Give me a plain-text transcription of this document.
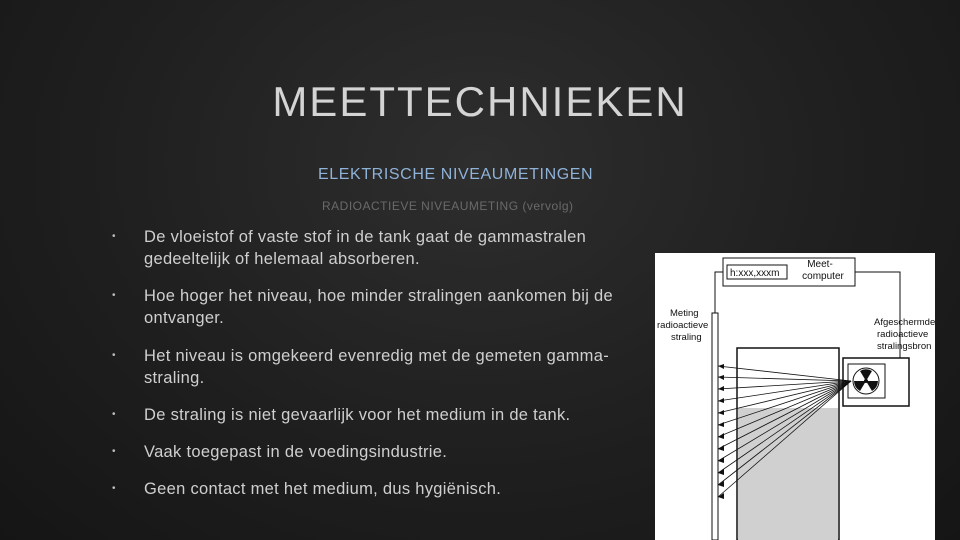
MEETTECHNIEKEN
ELEKTRISCHE NIVEAUMETINGEN
RADIOACTIEVE NIVEAUMETING (vervolg)
• De vloeistof of vaste stof in de tank gaat de gammastralen gedeeltelijk of helemaal absorberen.
• Hoe hoger het niveau, hoe minder stralingen aankomen bij de ontvanger.
• Het niveau is omgekeerd evenredig met de gemeten gamma-straling.
• De straling is niet gevaarlijk voor het medium in de tank.
• Vaak toegepast in de voedingsindustrie.
• Geen contact met het medium, dus hygiënisch.
h:xxx,xxxm
Meet-
computer
Meting
radioactieve
straling
Afgeschermde
radioactieve
stralingsbron
